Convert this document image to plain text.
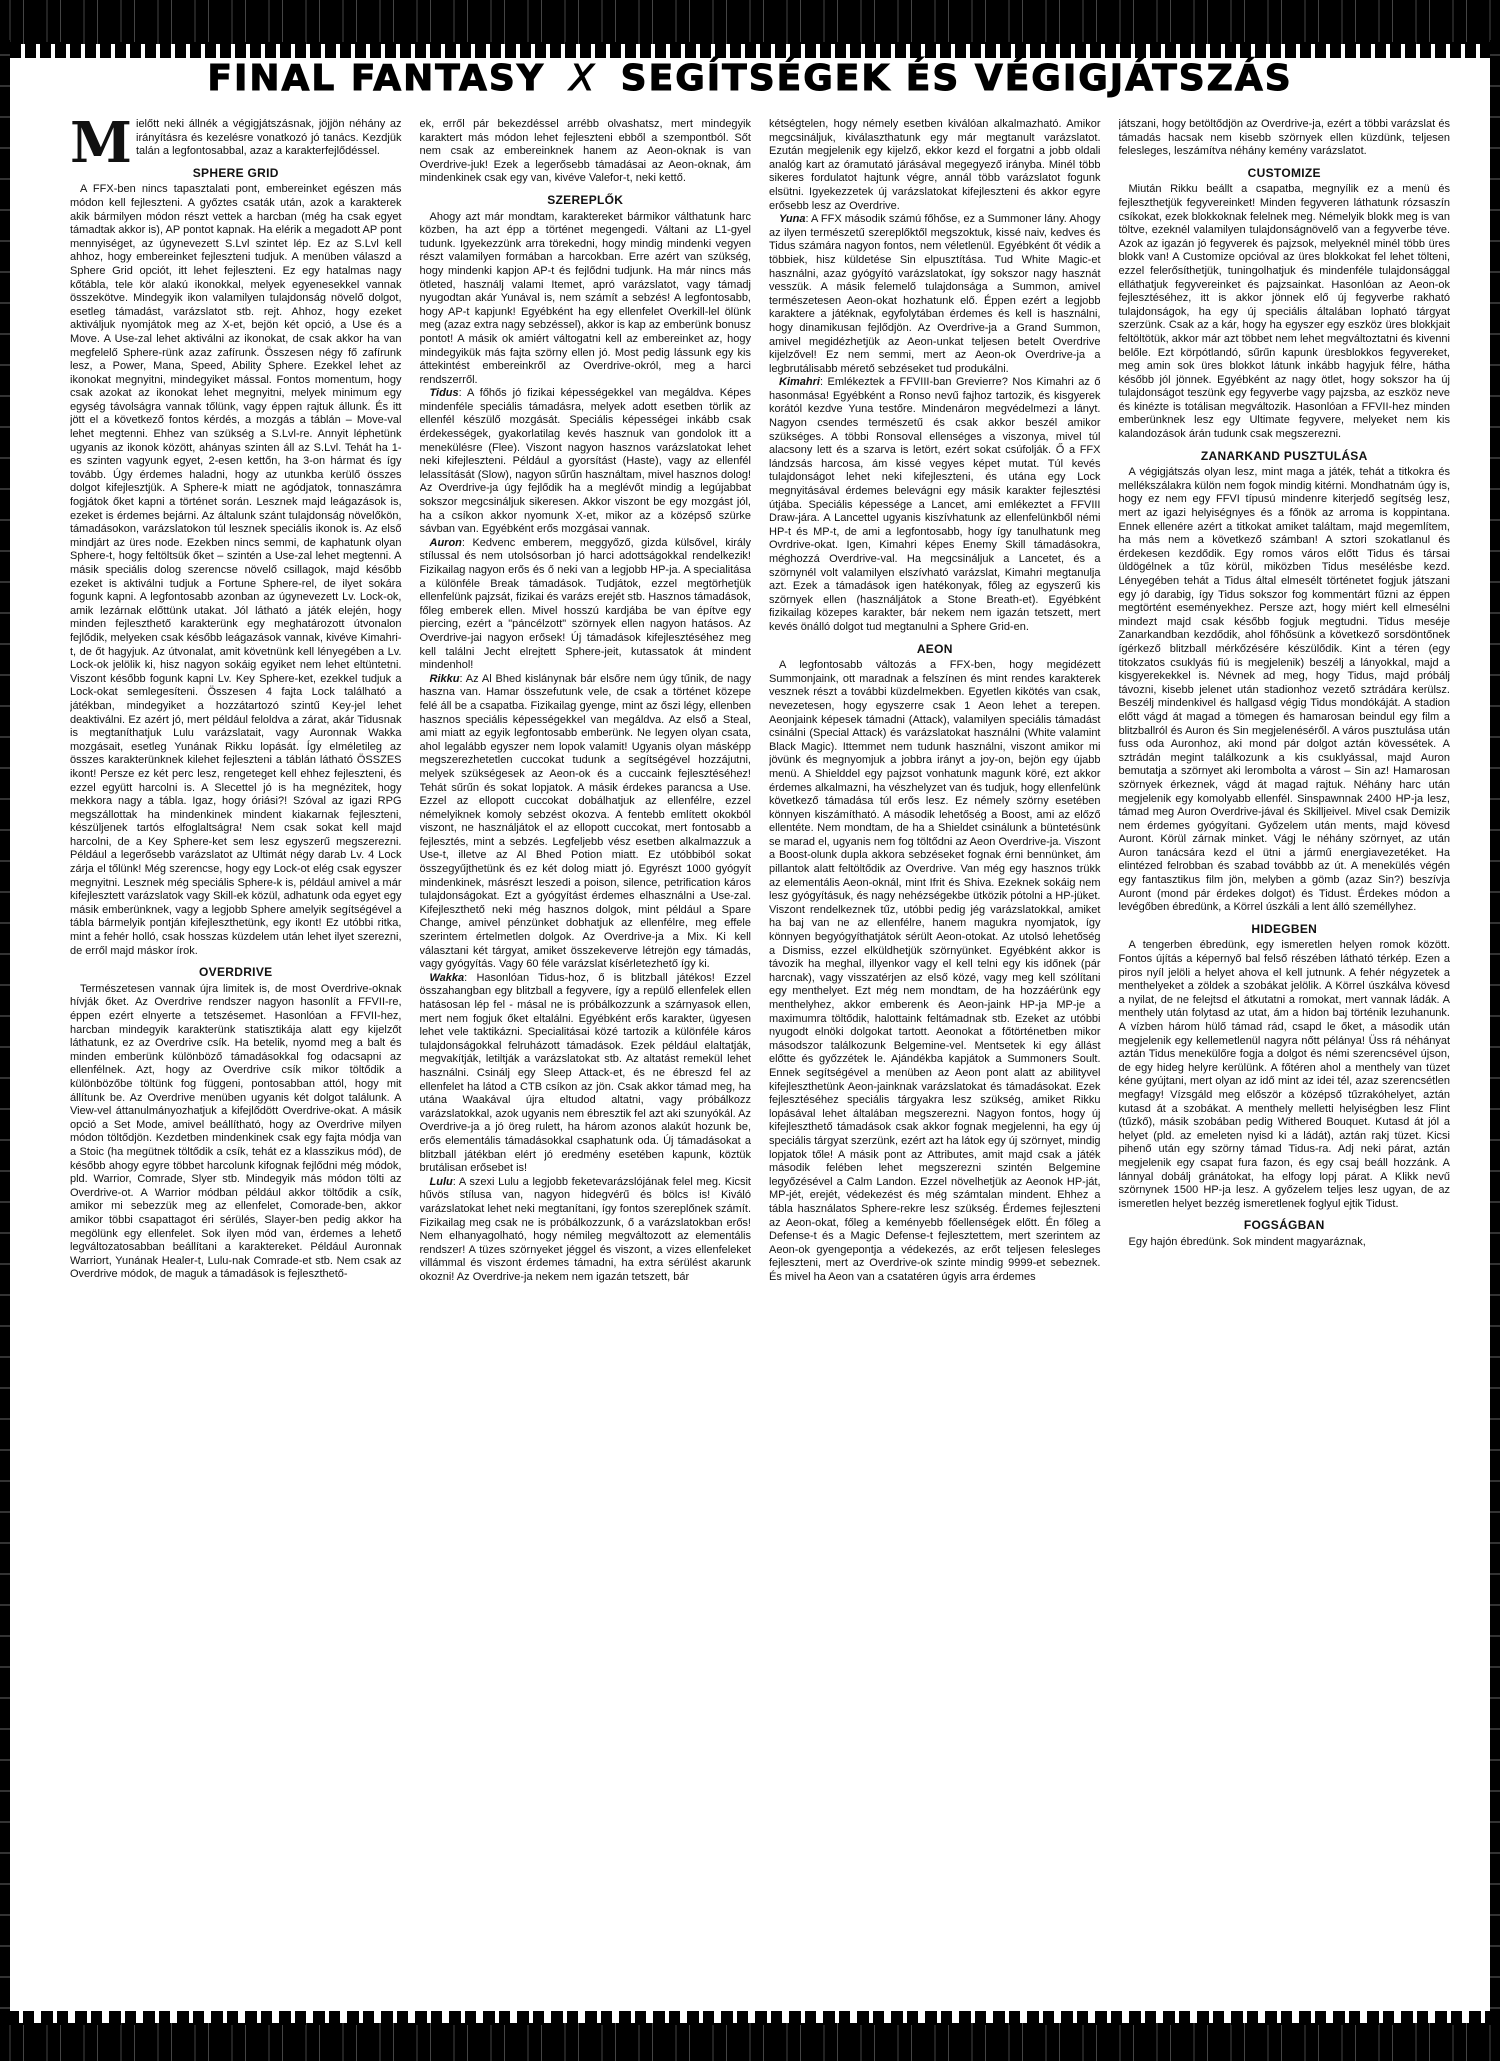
FINAL FANTASY X SEGÍTSÉGEK ÉS VÉGIGJÁTSZÁS

M ielőtt neki állnék a végigjátszásnak, jöjjön néhány az irányításra és kezelésre vonatkozó jó tanács. Kezdjük talán a legfontosabbal, azaz a karakterfejlődéssel.

SPHERE GRID

A FFX-ben nincs tapasztalati pont, embereinket egészen más módon kell fejleszteni. A győztes csaták után, azok a karakterek akik bármilyen módon részt vettek a harcban (még ha csak egyet támadtak akkor is), AP pontot kapnak. Ha elérik a megadott AP pont mennyiséget, az úgynevezett S.Lvl szintet lép. Ez az S.Lvl kell ahhoz, hogy embereinket fejleszteni tudjuk. A menüben válaszd a Sphere Grid opciót, itt lehet fejleszteni. Ez egy hatalmas nagy kőtábla, tele kör alakú ikonokkal, melyek egyenesekkel vannak összekötve. Mindegyik ikon valamilyen tulajdonság növelő dolgot, esetleg támadást, varázslatot stb. rejt. Ahhoz, hogy ezeket aktiváljuk nyomjátok meg az X-et, bejön két opció, a Use és a Move. A Use-zal lehet aktiválni az ikonokat, de csak akkor ha van megfelelő Sphere-rünk azaz zafírunk. Összesen négy fő zafírunk lesz, a Power, Mana, Speed, Ability Sphere. Ezekkel lehet az ikonokat megnyitni, mindegyiket mással. Fontos momentum, hogy csak azokat az ikonokat lehet megnyitni, melyek minimum egy egység távolságra vannak tőlünk, vagy éppen rajtuk állunk. És itt jött el a következő fontos kérdés, a mozgás a táblán – Move-val lehet megtenni. Ehhez van szükség a S.Lvl-re. Annyit léphetünk ugyanis az ikonok között, ahányas szinten áll az S.Lvl. Tehát ha 1-es szinten vagyunk egyet, 2-esen kettőn, ha 3-on hármat és így tovább. Úgy érdemes haladni, hogy az utunkba kerülő összes dolgot kifejlesztjük. A Sphere-k miatt ne agódjatok, tonnaszámra fogjátok őket kapni a történet során. Lesznek majd leágazások is, ezeket is érdemes bejárni. Az általunk szánt tulajdonság növelőkön, támadásokon, varázslatokon túl lesznek speciális ikonok is. Az első mindjárt az üres node. Ezekben nincs semmi, de kaphatunk olyan Sphere-t, hogy feltöltsük őket – szintén a Use-zal lehet megtenni. A másik speciális dolog szerencse növelő csillagok, majd később ezeket is aktiválni tudjuk a Fortune Sphere-rel, de ilyet sokára fogunk kapni. A legfontosabb azonban az úgynevezett Lv. Lock-ok, amik lezárnak előttünk utakat. Jól látható a játék elején, hogy minden fejleszthető karakterünk egy meghatározott útvonalon fejlődik, melyeken csak később leágazások vannak, kivéve Kimahri-t, de őt hagyjuk. Az útvonalat, amit követnünk kell lényegében a Lv. Lock-ok jelölik ki, hisz nagyon sokáig egyiket nem lehet eltüntetni. Viszont később fogunk kapni Lv. Key Sphere-ket, ezekkel tudjuk a Lock-okat semlegesíteni. Összesen 4 fajta Lock található a játékban, mindegyiket a hozzátartozó szintű Key-jel lehet deaktiválni. Ez azért jó, mert például feloldva a zárat, akár Tidusnak is megtaníthatjuk Lulu varázslatait, vagy Auronnak Wakka mozgásait, esetleg Yunának Rikku lopását. Így elméletileg az összes karakterünknek kilehet fejleszteni a táblán látható ÖSSZES ikont! Persze ez két perc lesz, rengeteget kell ehhez fejleszteni, és ezzel együtt harcolni is. A Slecettel jó is ha megnézitek, hogy mekkora nagy a tábla. Igaz, hogy óriási?! Szóval az igazi RPG megszállottak ha mindenkinek mindent kiakarnak fejleszteni, készüljenek tartós elfoglaltságra! Nem csak sokat kell majd harcolni, de a Key Sphere-ket sem lesz egyszerű megszerezni. Például a legerősebb varázslatot az Ultimát négy darab Lv. 4 Lock zárja el tőlünk! Még szerencse, hogy egy Lock-ot elég csak egyszer megnyitni. Lesznek még speciális Sphere-k is, például amivel a már kifejlesztett varázslatok vagy Skill-ek közül, adhatunk oda egyet egy másik emberünknek, vagy a legjobb Sphere amelyik segítségével a tábla bármelyik pontján kifejleszthetünk, egy ikont! Ez utóbbi ritka, mint a fehér holló, csak hosszas küzdelem után lehet ilyet szerezni, de erről majd máskor írok.

OVERDRIVE

Természetesen vannak újra limitek is, de most Overdrive-oknak hívják őket. Az Overdrive rendszer nagyon hasonlít a FFVII-re, éppen ezért elnyerte a tetszésemet. Hasonlóan a FFVII-hez, harcban mindegyik karakterünk statisztikája alatt egy kijelzőt láthatunk, ez az Overdrive csík. Ha betelik, nyomd meg a balt és minden emberünk különböző támadásokkal fog odacsapni az ellenfélnek. Azt, hogy az Overdrive csík mikor töltődik a különbözőbe töltünk fog függeni, pontosabban attól, hogy mit állítunk be. Az Overdrive menüben ugyanis két dolgot találunk. A View-vel áttanulmányozhatjuk a kifejlődött Overdrive-okat. A másik opció a Set Mode, amivel beállítható, hogy az Overdrive milyen módon töltődjön. Kezdetben mindenkinek csak egy fajta módja van a Stoic (ha megütnek töltődik a csík, tehát ez a klasszikus mód), de később ahogy egyre többet harcolunk kifognak fejlődni még módok, pld. Warrior, Comrade, Slyer stb. Mindegyik más módon tölti az Overdrive-ot. A Warrior módban például akkor töltődik a csík, amikor mi sebezzük meg az ellenfelet, Comorade-ben, akkor amikor többi csapattagot éri sérülés, Slayer-ben pedig akkor ha megölünk egy ellenfelet. Sok ilyen mód van, érdemes a lehető legváltozatosabban beállítani a karaktereket. Például Auronnak Warriort, Yunának Healer-t, Lulu-nak Comrade-et stb. Nem csak az Overdrive módok, de maguk a támadások is fejleszthető-

ek, erről pár bekezdéssel arrébb olvashatsz, mert mindegyik karaktert más módon lehet fejleszteni ebből a szempontból. Sőt nem csak az embereinknek hanem az Aeon-oknak is van Overdrive-juk! Ezek a legerősebb támadásai az Aeon-oknak, ám mindenkinek csak egy van, kivéve Valefor-t, neki kettő.

SZEREPLŐK

Ahogy azt már mondtam, karaktereket bármikor válthatunk harc közben, ha azt épp a történet megengedi. Váltani az L1-gyel tudunk. Igyekezzünk arra törekedni, hogy mindig mindenki vegyen részt valamilyen formában a harcokban. Erre azért van szükség, hogy mindenki kapjon AP-t és fejlődni tudjunk. Ha már nincs más ötleted, használj valami Itemet, apró varázslatot, vagy támadj nyugodtan akár Yunával is, nem számít a sebzés! A legfontosabb, hogy AP-t kapjunk! Egyébként ha egy ellenfelet Overkill-lel ölünk meg (azaz extra nagy sebzéssel), akkor is kap az emberünk bonusz pontot! A másik ok amiért váltogatni kell az embereinket az, hogy mindegyikük más fajta szörny ellen jó. Most pedig lássunk egy kis áttekintést embereinkről az Overdrive-okról, meg a harci rendszerről.

Tidus: A főhős jó fizikai képességekkel van megáldva. Képes mindenféle speciális támadásra, melyek adott esetben törlik az ellenfél készülő mozgását. Speciális képességei inkább csak érdekességek, gyakorlatilag kevés hasznuk van gondolok itt a menekülésre (Flee). Viszont nagyon hasznos varázslatokat lehet neki kifejleszteni. Például a gyorsítást (Haste), vagy az ellenfél lelassítását (Slow), nagyon sűrűn használtam, mivel hasznos dolog! Az Overdrive-ja úgy fejlődik ha a meglévőt mindig a legújabbat sokszor megcsináljuk sikeresen. Akkor viszont be egy mozgást jól, ha a csíkon akkor nyomunk X-et, mikor az a középső szürke sávban van. Egyébként erős mozgásai vannak.

Auron: Kedvenc emberem, meggyőző, gizda külsővel, király stílussal és nem utolsósorban jó harci adottságokkal rendelkezik! Fizikailag nagyon erős és ő neki van a legjobb HP-ja. A specialitása a különféle Break támadások. Tudjátok, ezzel megtörhetjük ellenfelünk pajzsát, fizikai és varázs erejét stb. Hasznos támadások, főleg emberek ellen. Mivel hosszú kardjába be van építve egy piercing, ezért a "páncélzott" szörnyek ellen nagyon hatásos. Az Overdrive-jai nagyon erősek! Új támadások kifejlesztéséhez meg kell találni Jecht elrejtett Sphere-jeit, kutassatok át mindent mindenhol!

Rikku: Az Al Bhed kislánynak bár elsőre nem úgy tűnik, de nagy haszna van. Hamar összefutunk vele, de csak a történet közepe felé áll be a csapatba. Fizikailag gyenge, mint az őszi légy, ellenben hasznos speciális képességekkel van megáldva. Az első a Steal, ami miatt az egyik legfontosabb emberünk. Ne legyen olyan csata, ahol legalább egyszer nem lopok valamit! Ugyanis olyan másképp megszerezhetetlen cuccokat tudunk a segítségével hozzájutni, melyek szükségesek az Aeon-ok és a cuccaink fejlesztéséhez! Tehát sűrűn és sokat lopjatok. A másik érdekes parancsa a Use. Ezzel az ellopott cuccokat dobálhatjuk az ellenfélre, ezzel némelyiknek komoly sebzést okozva. A fentebb említett okokból viszont, ne használjátok el az ellopott cuccokat, mert fontosabb a fejlesztés, mint a sebzés. Legfeljebb vész esetben alkalmazzuk a Use-t, illetve az Al Bhed Potion miatt. Ez utóbbiból sokat összegyűjthetünk és ez két dolog miatt jó. Egyrészt 1000 gyógyít mindenkinek, másrészt leszedi a poison, silence, petrification káros tulajdonságokat. Ezt a gyógyítást érdemes elhasználni a Use-zal. Kifejleszthető neki még hasznos dolgok, mint például a Spare Change, amivel pénzünket dobhatjuk az ellenfélre, meg effele szerintem értelmetlen dolgok. Az Overdrive-ja a Mix. Ki kell választani két tárgyat, amiket összekeverve létrejön egy támadás, vagy gyógyítás. Vagy 60 féle varázslat kísérletezhető így ki.

Wakka: Hasonlóan Tidus-hoz, ő is blitzball játékos! Ezzel összahangban egy blitzball a fegyvere, így a repülő ellenfelek ellen hatásosan lép fel - másal ne is próbálkozzunk a szárnyasok ellen, mert nem fogjuk őket eltalálni. Egyébként erős karakter, ügyesen lehet vele taktikázni. Specialitásai közé tartozik a különféle káros tulajdonságokkal felruházott támadások. Ezek például elaltatják, megvakítják, letiltják a varázslatokat stb. Az altatást remekül lehet használni. Csinálj egy Sleep Attack-et, és ne ébreszd fel az ellenfelet ha látod a CTB csíkon az jön. Csak akkor támad meg, ha utána Waakával újra eltudod altatni, vagy próbálkozz varázslatokkal, azok ugyanis nem ébresztik fel azt aki szunyókál. Az Overdrive-ja a jó öreg rulett, ha három azonos alakút hozunk be, erős elementális támadásokkal csaphatunk oda. Új támadásokat a blitzball játékban elért jó eredmény esetében kapunk, köztük brutálisan erősebet is!

Lulu: A szexi Lulu a legjobb feketevarázslójának felel meg. Kicsit hűvös stílusa van, nagyon hidegvérű és bölcs is! Kiváló varázslatokat lehet neki megtanítani, így fontos szereplőnek számít. Fizikailag meg csak ne is próbálkozzunk, ő a varázslatokban erős! Nem elhanyagolható, hogy némileg megváltozott az elementális rendszer! A tüzes szörnyeket jéggel és viszont, a vizes ellenfeleket villámmal és viszont érdemes támadni, ha extra sérülést akarunk okozni! Az Overdrive-ja nekem nem igazán tetszett, bár

kétségtelen, hogy némely esetben kiválóan alkalmazható. Amikor megcsináljuk, kiválaszthatunk egy már megtanult varázslatot. Ezután megjelenik egy kijelző, ekkor kezd el forgatni a jobb oldali analóg kart az óramutató járásával megegyező irányba. Minél több sikeres fordulatot hajtunk végre, annál több varázslatot fogunk elsütni. Igyekezzetek új varázslatokat kifejleszteni és akkor egyre erősebb lesz az Overdrive.

Yuna: A FFX második számú főhőse, ez a Summoner lány. Ahogy az ilyen természetű szereplőktől megszoktuk, kissé naiv, kedves és Tidus számára nagyon fontos, nem véletlenül. Egyébként őt védik a többiek, hisz küldetése Sin elpusztítása. Tud White Magic-et használni, azaz gyógyító varázslatokat, így sokszor nagy hasznát vesszük. A másik felemelő tulajdonsága a Summon, amivel természetesen Aeon-okat hozhatunk elő. Éppen ezért a legjobb karaktere a játéknak, egyfolytában érdemes és kell is használni, hogy dinamikusan fejlődjön. Az Overdrive-ja a Grand Summon, amivel megidézhetjük az Aeon-unkat teljesen betelt Overdrive kijelzővel! Ez nem semmi, mert az Aeon-ok Overdrive-ja a legbrutálisabb mérető sebzéseket tud produkálni.

Kimahri: Emlékeztek a FFVIII-ban Grevierre? Nos Kimahri az ő hasonmása! Egyébként a Ronso nevű fajhoz tartozik, és kisgyerek korától kezdve Yuna testőre. Mindenáron megvédelmezi a lányt. Nagyon csendes természetű és csak akkor beszél amikor szükséges. A többi Ronsoval ellenséges a viszonya, mivel túl alacsony lett és a szarva is letört, ezért sokat csúfolják. Ő a FFX lándzsás harcosa, ám kissé vegyes képet mutat. Túl kevés tulajdonságot lehet neki kifejleszteni, és utána egy Lock megnyitásával érdemes belevágni egy másik karakter fejlesztési útjába. Speciális képessége a Lancet, ami emlékeztet a FFVIII Draw-jára. A Lancettel ugyanis kiszívhatunk az ellenfelünkből némi HP-t és MP-t, de ami a legfontosabb, hogy így tanulhatunk meg Ovrdrive-okat. Igen, Kimahri képes Enemy Skill támadásokra, méghozzá Overdrive-val. Ha megcsináljuk a Lancetet, és a szörnynél volt valamilyen elszívható varázslat, Kimahri megtanulja azt. Ezek a támadások igen hatékonyak, főleg az egyszerű kis szörnyek ellen (használjátok a Stone Breath-et). Egyébként fizikailag közepes karakter, bár nekem nem igazán tetszett, mert kevés önálló dolgot tud megtanulni a Sphere Grid-en.

AEON

A legfontosabb változás a FFX-ben, hogy megidézett Summonjaink, ott maradnak a felszínen és mint rendes karakterek vesznek részt a további küzdelmekben. Egyetlen kikötés van csak, nevezetesen, hogy egyszerre csak 1 Aeon lehet a terepen. Aeonjaink képesek támadni (Attack), valamilyen speciális támadást csinálni (Special Attack) és varázslatokat használni (White valamint Black Magic). Ittemmet nem tudunk használni, viszont amikor mi jövünk és megnyomjuk a jobbra irányt a joy-on, bejön egy újabb menü. A Shielddel egy pajzsot vonhatunk magunk köré, ezt akkor érdemes alkalmazni, ha vészhelyzet van és tudjuk, hogy ellenfelünk következő támadása túl erős lesz. Ez némely szörny esetében könnyen kiszámítható. A második lehetőség a Boost, ami az előző ellentéte. Nem mondtam, de ha a Shieldet csinálunk a büntetésünk se marad el, ugyanis nem fog töltődni az Aeon Overdrive-ja. Viszont a Boost-olunk dupla akkora sebzéseket fognak érni bennünket, ám pillantok alatt feltöltődik az Overdrive. Van még egy hasznos trükk az elementális Aeon-oknál, mint Ifrit és Shiva. Ezeknek sokáig nem lesz gyógyításuk, és nagy nehézségekbe ütközik pótolni a HP-jüket. Viszont rendelkeznek tűz, utóbbi pedig jég varázslatokkal, amiket ha baj van ne az ellenfélre, hanem magukra nyomjatok, így könnyen begyógyíthatjátok sérült Aeon-otokat. Az utolsó lehetőség a Dismiss, ezzel elküldhetjük szörnyünket. Egyébként akkor is távozik ha meghal, illyenkor vagy el kell telni egy kis időnek (pár harcnak), vagy visszatérjen az első közé, vagy meg kell szólítani egy menthelyet. Ezt még nem mondtam, de ha hozzáérünk egy menthelyhez, akkor emberenk és Aeon-jaink HP-ja MP-je a maximumra töltődik, halottaink feltámadnak stb. Ezeket az utóbbi nyugodt elnöki dolgokat tartott. Aeonokat a főtörténetben mikor másodszor találkozunk Belgemine-vel. Mentsetek ki egy állást előtte és győzzétek le. Ajándékba kapjátok a Summoners Soult. Ennek segítségével a menüben az Aeon pont alatt az abilityvel kifejleszthetünk Aeon-jainknak varázslatokat és támadásokat. Ezek fejlesztéséhez speciális tárgyakra lesz szükség, amiket Rikku lopásával lehet általában megszerezni. Nagyon fontos, hogy új kifejleszthető támadások csak akkor fognak megjelenni, ha egy új speciális tárgyat szerzünk, ezért azt ha látok egy új szörnyet, mindig lopjatok tőle! A másik pont az Attributes, amit majd csak a játék második felében lehet megszerezni szintén Belgemine legyőzésével a Calm Landon. Ezzel növelhetjük az Aeonok HP-ját, MP-jét, erejét, védekezést és még számtalan mindent. Ehhez a tábla használatos Sphere-rekre lesz szükség. Érdemes fejleszteni az Aeon-okat, főleg a keményebb főellenségek előtt. Én főleg a Defense-t és a Magic Defense-t fejlesztettem, mert szerintem az Aeon-ok gyengepontja a védekezés, az erőt teljesen felesleges fejleszteni, mert az Overdrive-ok szinte mindig 9999-et sebeznek. És mivel ha Aeon van a csatatéren úgyis arra érdemes

játszani, hogy betöltődjön az Overdrive-ja, ezért a többi varázslat és támadás hacsak nem kisebb szörnyek ellen küzdünk, teljesen felesleges, leszámítva néhány kemény varázslatot.

CUSTOMIZE

Miután Rikku beállt a csapatba, megnyílik ez a menü és fejleszthetjük fegyvereinket! Minden fegyveren láthatunk rózsaszín csíkokat, ezek blokkoknak felelnek meg. Némelyik blokk meg is van töltve, ezeknél valamilyen tulajdonságnövelő van a fegyverbe téve. Azok az igazán jó fegyverek és pajzsok, melyeknél minél több üres blokk van! A Customize opcióval az üres blokkokat fel lehet tölteni, ezzel felerősíthetjük, tuningolhatjuk és mindenféle tulajdonsággal elláthatjuk fegyvereinket és pajzsainkat. Hasonlóan az Aeon-ok fejlesztéséhez, itt is akkor jönnek elő új fegyverbe rakható tulajdonságok, ha egy új speciális általában lopható tárgyat szerzünk. Csak az a kár, hogy ha egyszer egy eszköz üres blokkjait feltöltötük, akkor már azt többet nem lehet megváltoztatni és kivenni belőle. Ezt körpótlandó, sűrűn kapunk üresblokkos fegyvereket, meg amin sok üres blokkot látunk inkább hagyjuk félre, hátha később jól jönnek. Egyébként az nagy ötlet, hogy sokszor ha új tulajdonságot teszünk egy fegyverbe vagy pajzsba, az eszköz neve és kinézte is totálisan megváltozik. Hasonlóan a FFVII-hez minden emberünknek lesz egy Ultimate fegyvere, melyeket nem kis kalandozások árán tudunk csak megszerezni.

ZANARKAND PUSZTULÁSA

A végigjátszás olyan lesz, mint maga a játék, tehát a titkokra és mellékszálakra külön nem fogok mindig kitérni. Mondhatnám úgy is, hogy ez nem egy FFVI típusú mindenre kiterjedő segítség lesz, mert az igazi helyiségnyes és a főnök az arroma is koppintana. Ennek ellenére azért a titkokat amiket találtam, majd megemlítem, ha más nem a következő számban! A sztori szokatlanul és érdekesen kezdődik. Egy romos város előtt Tidus és társai üldögélnek a tűz körül, miközben Tidus mesélésbe kezd. Lényegében tehát a Tidus által elmesélt történetet fogjuk játszani egy jó darabig, így Tidus sokszor fog kommentárt fűzni az éppen megtörtént eseményekhez. Persze azt, hogy miért kell elmesélni mindezt majd csak később fogjuk megtudni. Tidus meséje Zanarkandban kezdődik, ahol főhősünk a következő sorsdöntőnek ígérkező blitzball mérkőzésére készülődik. Kint a téren (egy titokzatos csuklyás fiú is megjelenik) beszélj a lányokkal, majd a kisgyerekekkel is. Névnek ad meg, hogy Tidus, majd próbálj távozni, kisebb jelenet után stadionhoz vezető sztrádára kerülsz. Beszélj mindenkivel és hallgasd végig Tidus mondókáját. A stadion előtt vágd át magad a tömegen és hamarosan beindul egy film a blitzballról és Auron és Sin megjelenéséről. A város pusztulása után fuss oda Auronhoz, aki mond pár dolgot aztán kövessétek. A sztrádán megint találkozunk a kis csuklyással, majd Auron bemutatja a szörnyet aki lerombolta a várost – Sin az! Hamarosan szörnyek érkeznek, vágd át magad rajtuk. Néhány harc után megjelenik egy komolyabb ellenfél. Sinspawnnak 2400 HP-ja lesz, támad meg Auron Overdrive-jával és Skilljeivel. Mivel csak Demizik nem érdemes gyógyítani. Győzelem után ments, majd kövesd Auront. Körül zárnak minket. Vágj le néhány szörnyet, az után Auron tanácsára kezd el ütni a jármű energiavezetéket. Ha elintézed felrobban és szabad továbbb az út. A menekülés végén egy fantasztikus film jön, melyben a gömb (azaz Sin?) beszívja Auront (mond pár érdekes dolgot) és Tidust. Érdekes módon a levégőben ébredünk, a Körrel úszkáli a lent álló személlyhez.

HIDEGBEN

A tengerben ébredünk, egy ismeretlen helyen romok között. Fontos újítás a képernyő bal felső részében látható térkép. Ezen a piros nyíl jelöli a helyet ahova el kell jutnunk. A fehér négyzetek a menthelyeket a zöldek a szobákat jelölik. A Körrel úszkálva kövesd a nyilat, de ne felejtsd el átkutatni a romokat, mert vannak ládák. A menthely után folytasd az utat, ám a hidon baj történik lezuhanunk. A vízben három hülő támad rád, csapd le őket, a második után megjelenik egy kellemetlenül nagyra nőtt pélánya! Üss rá néhányat aztán Tidus menekülőre fogja a dolgot és némi szerencsével újson, de egy hideg helyre kerülünk. A főtéren ahol a menthely van tüzet kéne gyújtani, mert olyan az idő mint az idei tél, azaz szerencsétlen megfagy! Vízsgáld meg először a középső tűzrakóhelyet, aztán kutasd át a szobákat. A menthely melletti helyiségben lesz Flint (tűzkő), másik szobában pedig Withered Bouquet. Kutasd át jól a helyet (pld. az emeleten nyisd ki a ládát), aztán rakj tüzet. Kicsi pihenő után egy szörny támad Tidus-ra. Adj neki párat, aztán megjelenik egy csapat fura fazon, és egy csaj beáll hozzánk. A lánnyal dobálj gránátokat, ha elfogy lopj párat. A Klikk nevű szörnynek 1500 HP-ja lesz. A győzelem teljes lesz ugyan, de az ismeretlen helyet bezzég ismeretlenek foglyul ejtik Tidust.

FOGSÁGBAN

Egy hajón ébredünk. Sok mindent magyaráznak,
